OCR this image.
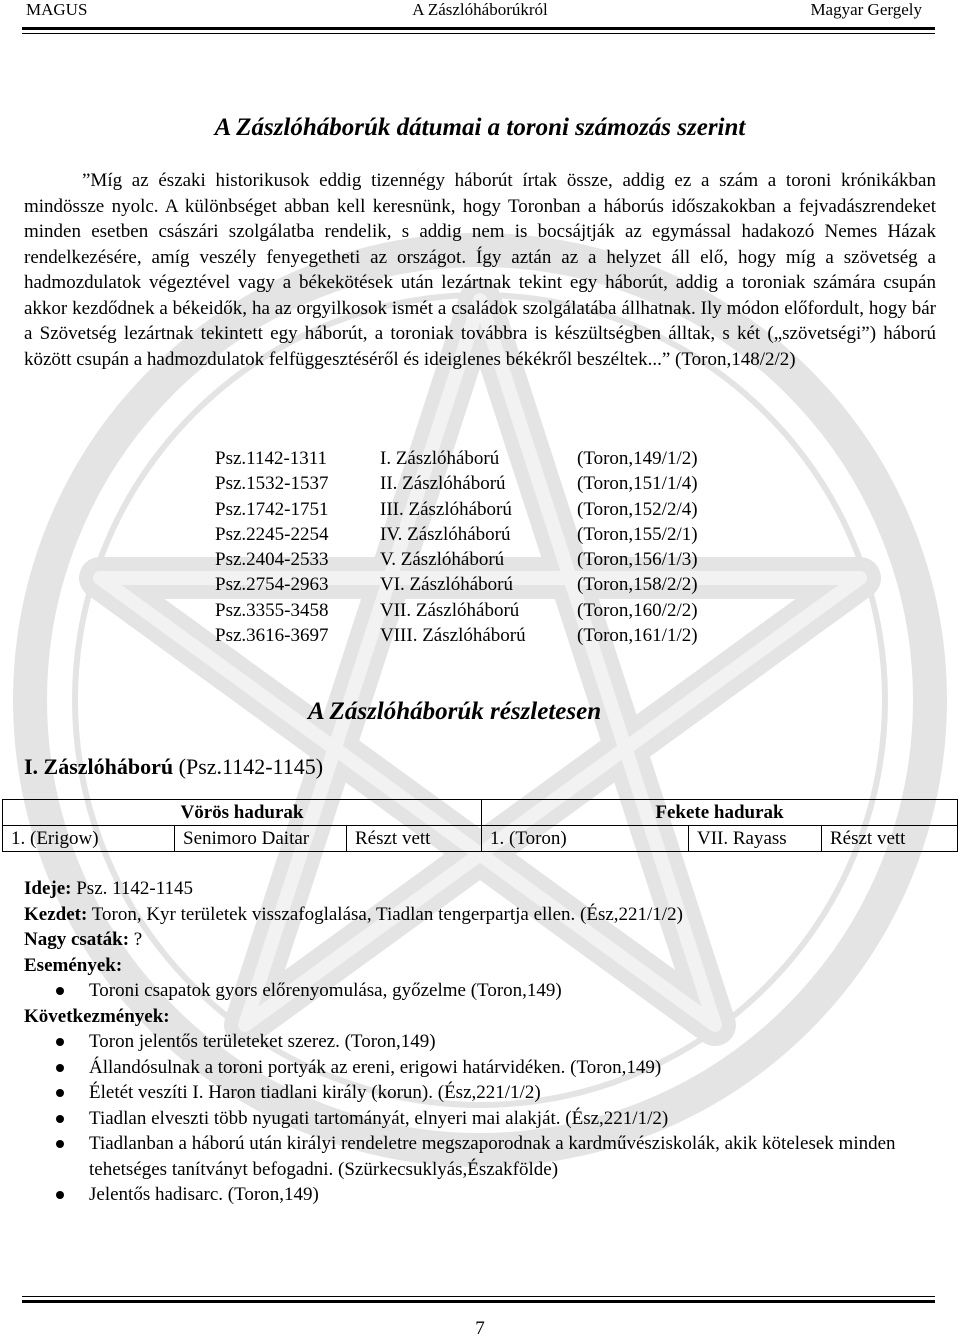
MAGUS	A Zászlóháborúkról	Magyar Gergely
A Zászlóháborúk dátumai a toroni számozás szerint
”Míg az északi historikusok eddig tizennégy háborút írtak össze, addig ez a szám a toroni krónikákban mindössze nyolc. A különbséget abban kell keresnünk, hogy Toronban a háborús időszakokban a fejvadászrendeket minden esetben császári szolgálatba rendelik, s addig nem is bocsájtják az egymással hadakozó Nemes Házak rendelkezésére, amíg veszély fenyegetheti az országot. Így aztán az a helyzet áll elő, hogy míg a szövetség a hadmozdulatok végeztével vagy a békekötések után lezártnak tekint egy háborút, addig a toroniak számára csupán akkor kezdődnek a békeidők, ha az orgyilkosok ismét a családok szolgálatába állhatnak. Ily módon előfordult, hogy bár a Szövetség lezártnak tekintett egy háborút, a toroniak továbbra is készültségben álltak, s két („szövetségi”) háború között csupán a hadmozdulatok felfüggesztéséről és ideiglenes békékről beszéltek...” (Toron,148/2/2)
Psz.1142-1311	I. Zászlóháború	(Toron,149/1/2)
Psz.1532-1537	II. Zászlóháború	(Toron,151/1/4)
Psz.1742-1751	III. Zászlóháború	(Toron,152/2/4)
Psz.2245-2254	IV. Zászlóháború	(Toron,155/2/1)
Psz.2404-2533	V. Zászlóháború	(Toron,156/1/3)
Psz.2754-2963	VI. Zászlóháború	(Toron,158/2/2)
Psz.3355-3458	VII. Zászlóháború	(Toron,160/2/2)
Psz.3616-3697	VIII. Zászlóháború	(Toron,161/1/2)
A Zászlóháborúk részletesen
I. Zászlóháború (Psz.1142-1145)
Vörös hadurak			Fekete hadurak		
1. (Erigow)	Senimoro Daitar	Részt vett	1. (Toron)	VII. Rayass	Részt vett
Ideje: Psz. 1142-1145
Kezdet: Toron, Kyr területek visszafoglalása, Tiadlan tengerpartja ellen. (Ész,221/1/2)
Nagy csaták: ?
Események:
Toroni csapatok gyors előrenyomulása, győzelme (Toron,149)
Következmények:
Toron jelentős területeket szerez. (Toron,149)
Állandósulnak a toroni portyák az ereni, erigowi határvidéken. (Toron,149)
Életét veszíti I. Haron tiadlani király (korun). (Ész,221/1/2)
Tiadlan elveszti több nyugati tartományát, elnyeri mai alakját. (Ész,221/1/2)
Tiadlanban a háború után királyi rendeletre megszaporodnak a kardművésziskolák, akik kötelesek minden tehetséges tanítványt befogadni. (Szürkecsuklyás,Északfölde)
Jelentős hadisarc. (Toron,149)
7
